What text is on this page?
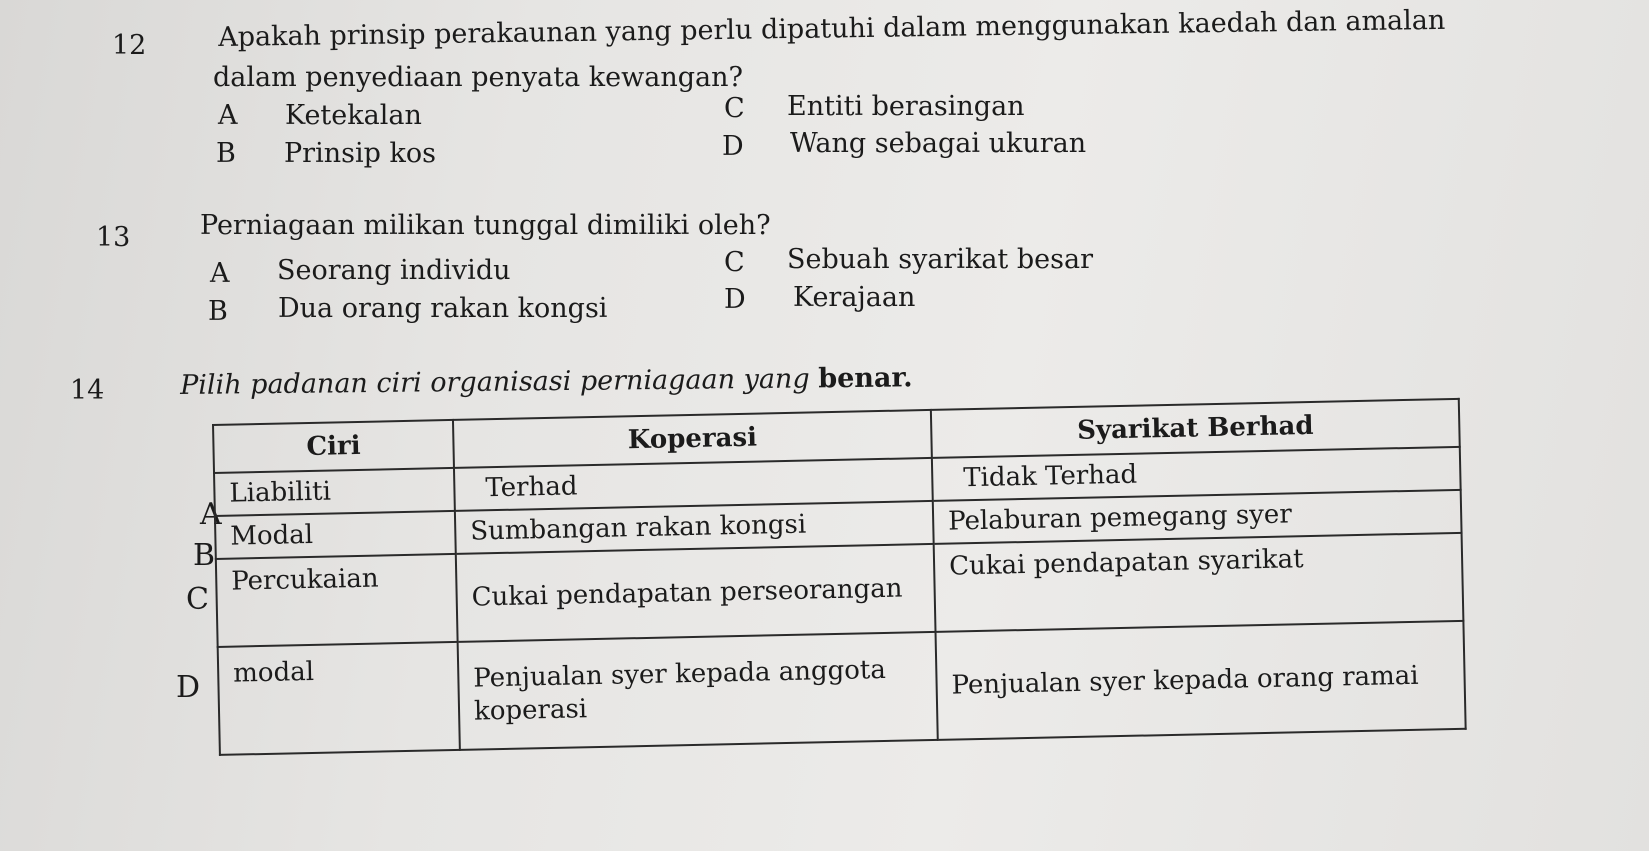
12	Apakah prinsip perakaunan yang perlu dipatuhi dalam menggunakan kaedah dan amalan
dalam penyediaan penyata kewangan?
A Ketekalan
B Prinsip kos
C Entiti berasingan
D Wang sebagai ukuran
13	Perniagaan milikan tunggal dimiliki oleh?
A Seorang individu
B Dua orang rakan kongsi
C Sebuah syarikat besar
D Kerajaan
14	Pilih padanan ciri organisasi perniagaan yang benar.
A
B
C
D
Ciri	Koperasi	Syarikat Berhad
Liabiliti	Terhad	Tidak Terhad
Modal	Sumbangan rakan kongsi	Pelaburan pemegang syer
Percukaian	Cukai pendapatan perseorangan	Cukai pendapatan syarikat
modal	Penjualan syer kepada anggota koperasi	Penjualan syer kepada orang ramai
